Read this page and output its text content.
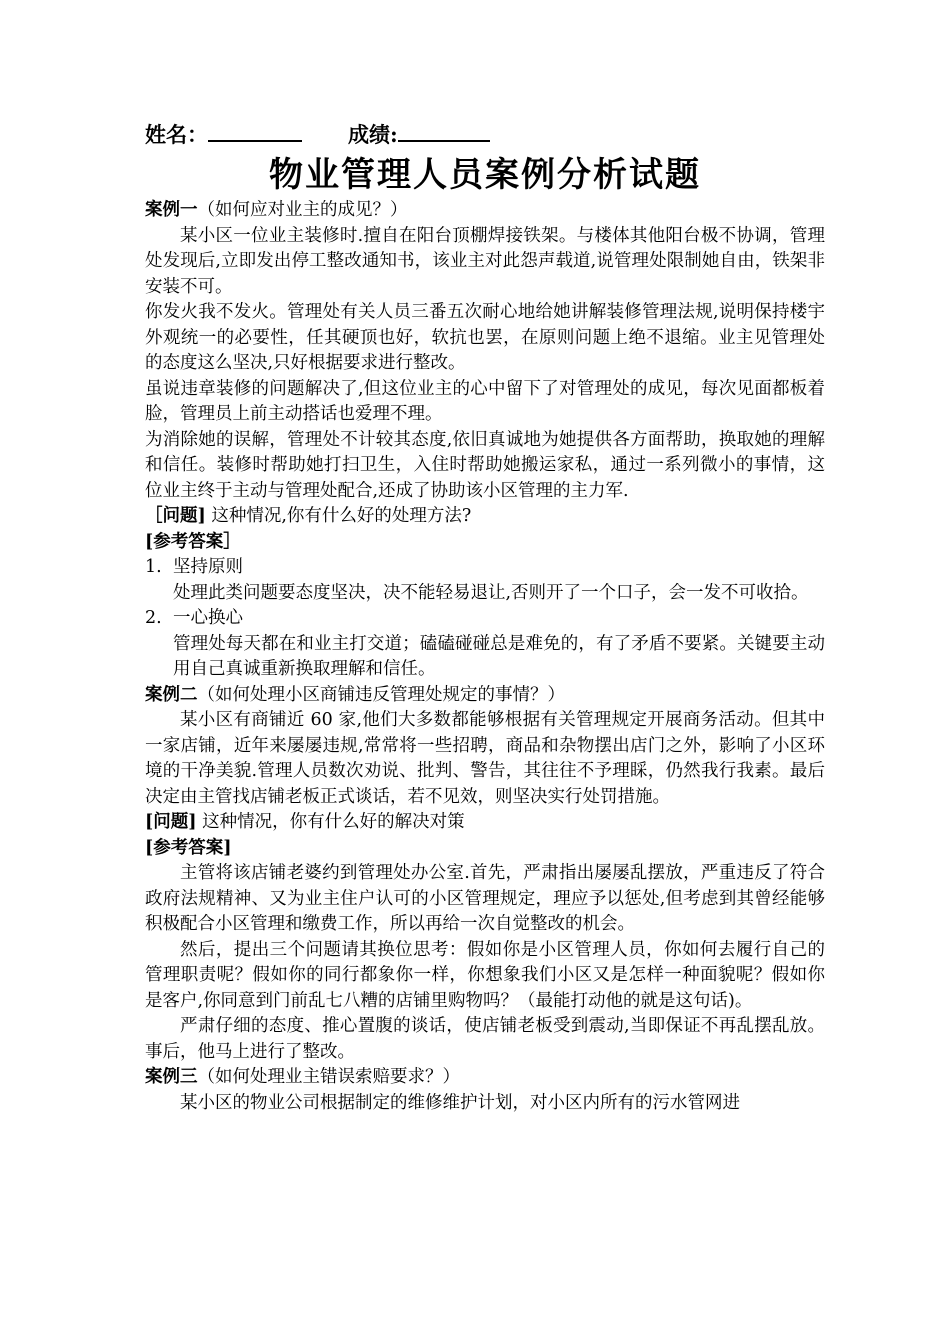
姓名：	成绩:
物业管理人员案例分析试题

案例一（如何应对业主的成见？）

某小区一位业主装修时.擅自在阳台顶棚焊接铁架。与楼体其他阳台极不协调，管理处发现后,立即发出停工整改通知书，该业主对此怨声载道,说管理处限制她自由，铁架非安装不可。

你发火我不发火。管理处有关人员三番五次耐心地给她讲解装修管理法规,说明保持楼宇外观统一的必要性，任其硬顶也好，软抗也罢，在原则问题上绝不退缩。业主见管理处的态度这么坚决,只好根据要求进行整改。

虽说违章装修的问题解决了,但这位业主的心中留下了对管理处的成见，每次见面都板着脸，管理员上前主动搭话也爱理不理。

为消除她的误解，管理处不计较其态度,依旧真诚地为她提供各方面帮助，换取她的理解和信任。装修时帮助她打扫卫生，入住时帮助她搬运家私，通过一系列微小的事情，这位业主终于主动与管理处配合,还成了协助该小区管理的主力军.

［问题] 这种情况,你有什么好的处理方法?

[参考答案］

1. 坚持原则

处理此类问题要态度坚决，决不能轻易退让,否则开了一个口子，会一发不可收拾。

2. 一心换心

管理处每天都在和业主打交道；磕磕碰碰总是难免的，有了矛盾不要紧。关键要主动用自己真诚重新换取理解和信任。

案例二（如何处理小区商铺违反管理处规定的事情？）

某小区有商铺近 60 家,他们大多数都能够根据有关管理规定开展商务活动。但其中一家店铺，近年来屡屡违规,常常将一些招聘，商品和杂物摆出店门之外，影响了小区环境的干净美貌.管理人员数次劝说、批判、警告，其往往不予理睬，仍然我行我素。最后决定由主管找店铺老板正式谈话，若不见效，则坚决实行处罚措施。

[问题] 这种情况，你有什么好的解决对策

[参考答案]

主管将该店铺老婆约到管理处办公室.首先，严肃指出屡屡乱摆放，严重违反了符合政府法规精神、又为业主住户认可的小区管理规定，理应予以惩处,但考虑到其曾经能够积极配合小区管理和缴费工作，所以再给一次自觉整改的机会。

然后，提出三个问题请其换位思考：假如你是小区管理人员，你如何去履行自己的管理职责呢？假如你的同行都象你一样，你想象我们小区又是怎样一种面貌呢？假如你是客户,你同意到门前乱七八糟的店铺里购物吗？（最能打动他的就是这句话)。

严肃仔细的态度、推心置腹的谈话，使店铺老板受到震动,当即保证不再乱摆乱放。事后，他马上进行了整改。

案例三（如何处理业主错误索赔要求？）

某小区的物业公司根据制定的维修维护计划，对小区内所有的污水管网进
